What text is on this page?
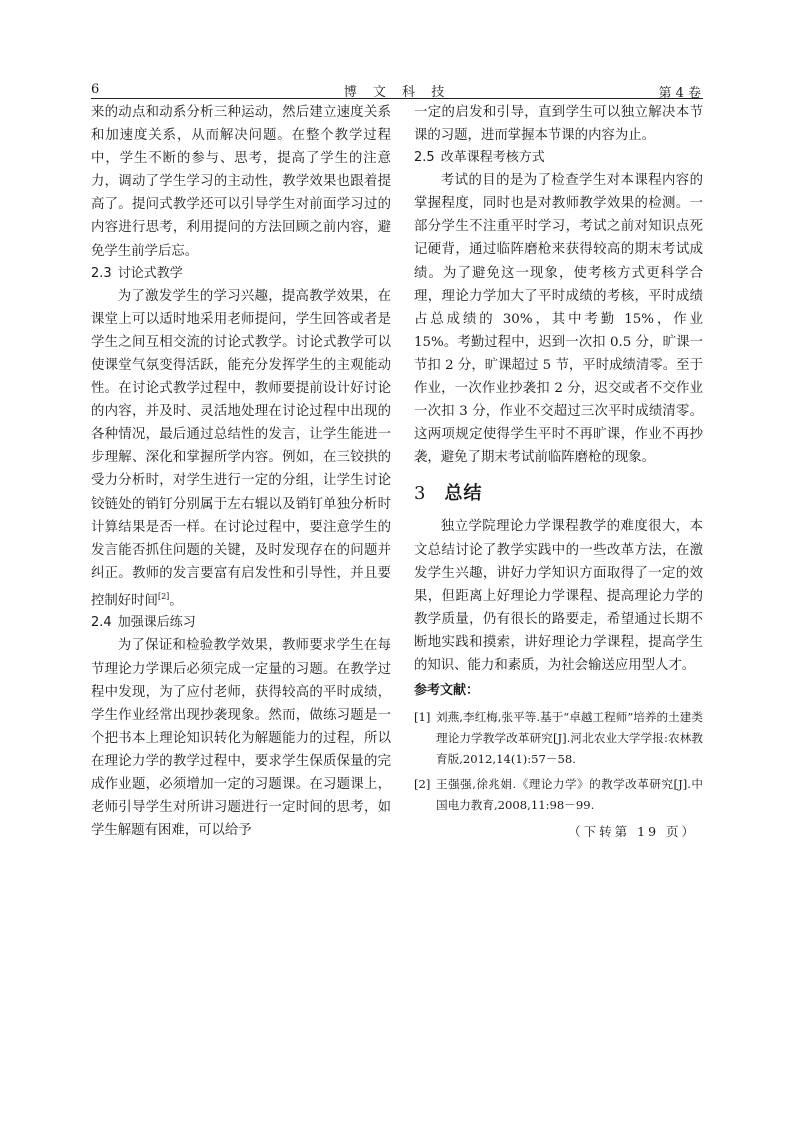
6	博 文 科 技	第 4 卷

来的动点和动系分析三种运动，然后建立速度关系和加速度关系，从而解决问题。在整个教学过程中，学生不断的参与、思考，提高了学生的注意力，调动了学生学习的主动性，教学效果也跟着提高了。提问式教学还可以引导学生对前面学习过的内容进行思考，利用提问的方法回顾之前内容，避免学生前学后忘。

2.3 讨论式教学

为了激发学生的学习兴趣，提高教学效果，在课堂上可以适时地采用老师提问，学生回答或者是学生之间互相交流的讨论式教学。讨论式教学可以使课堂气氛变得活跃，能充分发挥学生的主观能动性。在讨论式教学过程中，教师要提前设计好讨论的内容，并及时、灵活地处理在讨论过程中出现的各种情况，最后通过总结性的发言，让学生能进一步理解、深化和掌握所学内容。例如，在三铰拱的受力分析时，对学生进行一定的分组，让学生讨论铰链处的销钉分别属于左右辊以及销钉单独分析时计算结果是否一样。在讨论过程中，要注意学生的发言能否抓住问题的关键，及时发现存在的问题并纠正。教师的发言要富有启发性和引导性，并且要控制好时间[2]。

2.4 加强课后练习

为了保证和检验教学效果，教师要求学生在每节理论力学课后必须完成一定量的习题。在教学过程中发现，为了应付老师，获得较高的平时成绩，学生作业经常出现抄袭现象。然而，做练习题是一个把书本上理论知识转化为解题能力的过程，所以在理论力学的教学过程中，要求学生保质保量的完成作业题，必须增加一定的习题课。在习题课上，老师引导学生对所讲习题进行一定时间的思考，如学生解题有困难，可以给予

一定的启发和引导，直到学生可以独立解决本节课的习题，进而掌握本节课的内容为止。

2.5 改革课程考核方式

考试的目的是为了检查学生对本课程内容的掌握程度，同时也是对教师教学效果的检测。一部分学生不注重平时学习，考试之前对知识点死记硬背，通过临阵磨枪来获得较高的期末考试成绩。为了避免这一现象，使考核方式更科学合理，理论力学加大了平时成绩的考核，平时成绩占总成绩的 30%，其中考勤 15%，作业 15%。考勤过程中，迟到一次扣 0.5 分，旷课一节扣 2 分，旷课超过 5 节，平时成绩清零。至于作业，一次作业抄袭扣 2 分，迟交或者不交作业一次扣 3 分，作业不交超过三次平时成绩清零。这两项规定使得学生平时不再旷课，作业不再抄袭，避免了期末考试前临阵磨枪的现象。

3 总结

独立学院理论力学课程教学的难度很大，本文总结讨论了教学实践中的一些改革方法，在激发学生兴趣，讲好力学知识方面取得了一定的效果，但距离上好理论力学课程、提高理论力学的教学质量，仍有很长的路要走，希望通过长期不断地实践和摸索，讲好理论力学课程，提高学生的知识、能力和素质，为社会输送应用型人才。

参考文献：
[1] 刘燕,李红梅,张平等.基于“卓越工程师”培养的土建类理论力学教学改革研究[J].河北农业大学学报:农林教育版,2012,14(1):57－58.
[2] 王强强,徐兆娟.《理论力学》的教学改革研究[J].中国电力教育,2008,11:98－99.
（下转第 19 页）
